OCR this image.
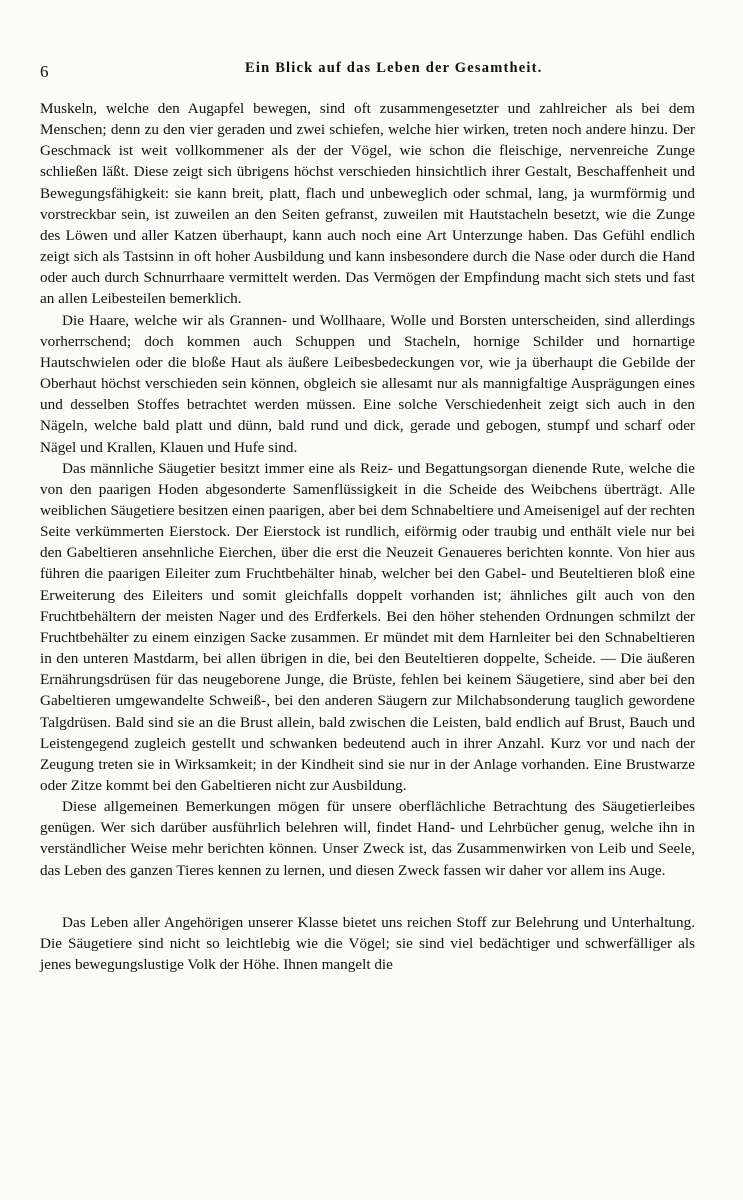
6	Ein Blick auf das Leben der Gesamtheit.

Muskeln, welche den Augapfel bewegen, sind oft zusammengesetzter und zahlreicher als bei dem Menschen; denn zu den vier geraden und zwei schiefen, welche hier wirken, treten noch andere hinzu. Der Geschmack ist weit vollkommener als der der Vögel, wie schon die fleischige, nervenreiche Zunge schließen läßt. Diese zeigt sich übrigens höchst verschieden hinsichtlich ihrer Gestalt, Beschaffenheit und Bewegungsfähigkeit: sie kann breit, platt, flach und unbeweglich oder schmal, lang, ja wurmförmig und vorstreckbar sein, ist zuweilen an den Seiten gefranst, zuweilen mit Hautstacheln besetzt, wie die Zunge des Löwen und aller Katzen überhaupt, kann auch noch eine Art Unterzunge haben. Das Gefühl endlich zeigt sich als Tastsinn in oft hoher Ausbildung und kann insbesondere durch die Nase oder durch die Hand oder auch durch Schnurrhaare vermittelt werden. Das Vermögen der Empfindung macht sich stets und fast an allen Leibesteilen bemerklich.

Die Haare, welche wir als Grannen- und Wollhaare, Wolle und Borsten unterscheiden, sind allerdings vorherrschend; doch kommen auch Schuppen und Stacheln, hornige Schilder und hornartige Hautschwielen oder die bloße Haut als äußere Leibesbedeckungen vor, wie ja überhaupt die Gebilde der Oberhaut höchst verschieden sein können, obgleich sie allesamt nur als mannigfaltige Ausprägungen eines und desselben Stoffes betrachtet werden müssen. Eine solche Verschiedenheit zeigt sich auch in den Nägeln, welche bald platt und dünn, bald rund und dick, gerade und gebogen, stumpf und scharf oder Nägel und Krallen, Klauen und Hufe sind.

Das männliche Säugetier besitzt immer eine als Reiz- und Begattungsorgan dienende Rute, welche die von den paarigen Hoden abgesonderte Samenflüssigkeit in die Scheide des Weibchens überträgt. Alle weiblichen Säugetiere besitzen einen paarigen, aber bei dem Schnabeltiere und Ameisenigel auf der rechten Seite verkümmerten Eierstock. Der Eierstock ist rundlich, eiförmig oder traubig und enthält viele nur bei den Gabeltieren ansehnliche Eierchen, über die erst die Neuzeit Genaueres berichten konnte. Von hier aus führen die paarigen Eileiter zum Fruchtbehälter hinab, welcher bei den Gabel- und Beuteltieren bloß eine Erweiterung des Eileiters und somit gleichfalls doppelt vorhanden ist; ähnliches gilt auch von den Fruchtbehältern der meisten Nager und des Erdferkels. Bei den höher stehenden Ordnungen schmilzt der Fruchtbehälter zu einem einzigen Sacke zusammen. Er mündet mit dem Harnleiter bei den Schnabeltieren in den unteren Mastdarm, bei allen übrigen in die, bei den Beuteltieren doppelte, Scheide. — Die äußeren Ernährungsdrüsen für das neugeborene Junge, die Brüste, fehlen bei keinem Säugetiere, sind aber bei den Gabeltieren umgewandelte Schweiß-, bei den anderen Säugern zur Milchabsonderung tauglich gewordene Talgdrüsen. Bald sind sie an die Brust allein, bald zwischen die Leisten, bald endlich auf Brust, Bauch und Leistengegend zugleich gestellt und schwanken bedeutend auch in ihrer Anzahl. Kurz vor und nach der Zeugung treten sie in Wirksamkeit; in der Kindheit sind sie nur in der Anlage vorhanden. Eine Brustwarze oder Zitze kommt bei den Gabeltieren nicht zur Ausbildung.

Diese allgemeinen Bemerkungen mögen für unsere oberflächliche Betrachtung des Säugetierleibes genügen. Wer sich darüber ausführlich belehren will, findet Hand- und Lehrbücher genug, welche ihn in verständlicher Weise mehr berichten können. Unser Zweck ist, das Zusammenwirken von Leib und Seele, das Leben des ganzen Tieres kennen zu lernen, und diesen Zweck fassen wir daher vor allem ins Auge.

Das Leben aller Angehörigen unserer Klasse bietet uns reichen Stoff zur Belehrung und Unterhaltung. Die Säugetiere sind nicht so leichtlebig wie die Vögel; sie sind viel bedächtiger und schwerfälliger als jenes bewegungslustige Volk der Höhe. Ihnen mangelt die
